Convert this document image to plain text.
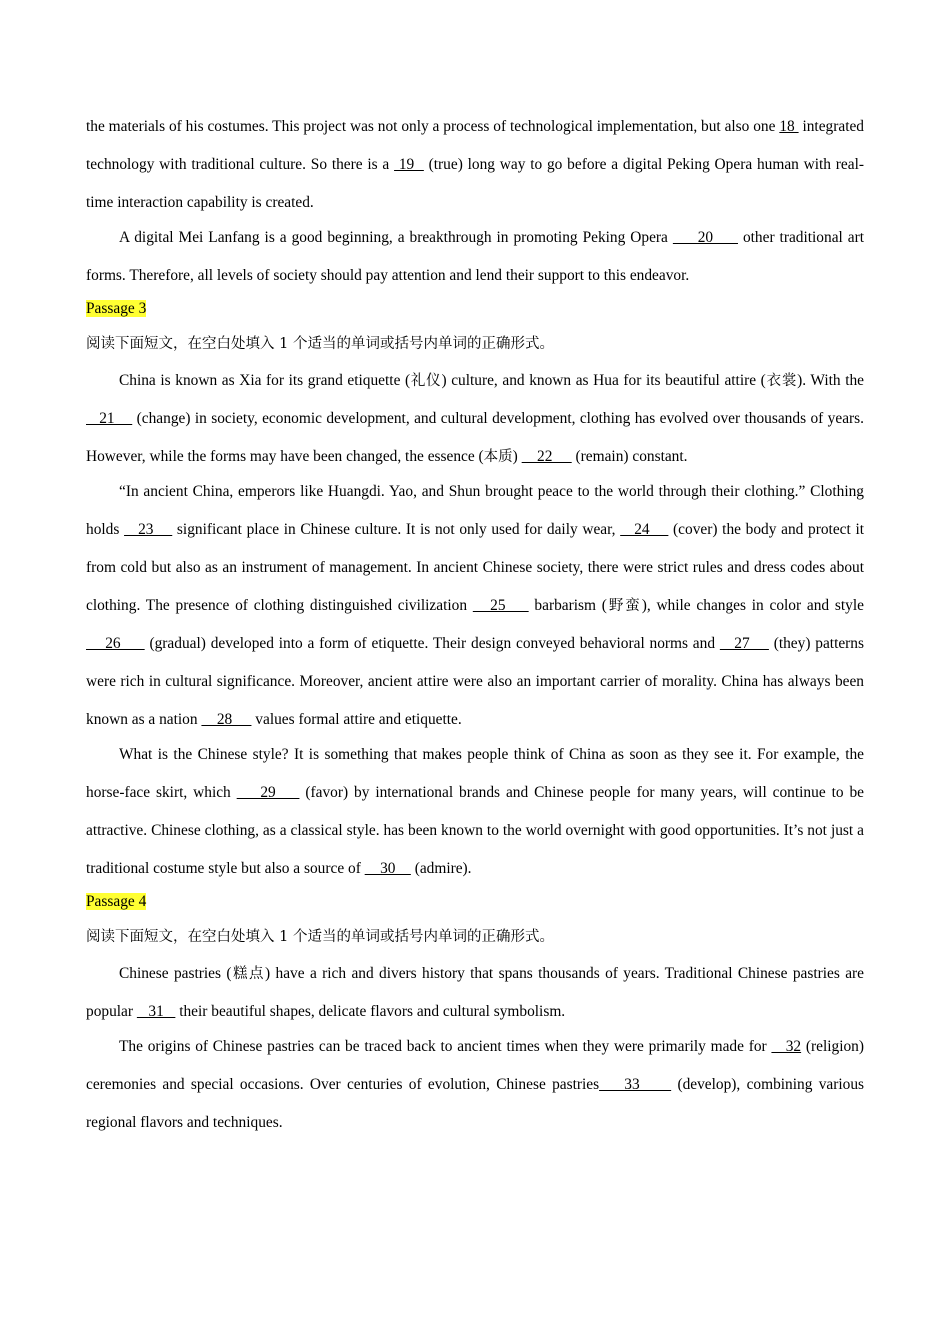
the materials of his costumes. This project was not only a process of technological implementation, but also one 18  integrated technology with traditional culture. So there is a  19   (true) long way to go before a digital Peking Opera human with real-time interaction capability is created.

A digital Mei Lanfang is a good beginning, a breakthrough in promoting Peking Opera      20      other traditional art forms. Therefore, all levels of society should pay attention and lend their support to this endeavor.

Passage 3

阅读下面短文，在空白处填入 1 个适当的单词或括号内单词的正确形式。

China is known as Xia for its grand etiquette (礼仪) culture, and known as Hua for its beautiful attire (衣裳). With the    21     (change) in society, economic development, and cultural development, clothing has evolved over thousands of years. However, while the forms may have been changed, the essence (本质)     22      (remain) constant.

“In ancient China, emperors like Huangdi. Yao, and Shun brought peace to the world through their clothing.” Clothing holds    23     significant place in Chinese culture. It is not only used for daily wear,    24     (cover) the body and protect it from cold but also as an instrument of management. In ancient Chinese society, there were strict rules and dress codes about clothing. The presence of clothing distinguished civilization    25     barbarism (野蛮), while changes in color and style     26      (gradual) developed into a form of etiquette. Their design conveyed behavioral norms and    27     (they) patterns were rich in cultural significance. Moreover, ancient attire were also an important carrier of morality. China has always been known as a nation     28      values formal attire and etiquette.

What is the Chinese style? It is something that makes people think of China as soon as they see it. For example, the horse-face skirt, which     29     (favor) by international brands and Chinese people for many years, will continue to be attractive. Chinese clothing, as a classical style. has been known to the world overnight with good opportunities. It’s not just a traditional costume style but also a source of     30     (admire).

Passage 4

阅读下面短文，在空白处填入 1 个适当的单词或括号内单词的正确形式。

Chinese pastries (糕点) have a rich and divers history that spans thousands of years. Traditional Chinese pastries are popular    31    their beautiful shapes, delicate flavors and cultural symbolism.

The origins of Chinese pastries can be traced back to ancient times when they were primarily made for    32 (religion) ceremonies and special occasions. Over centuries of evolution, Chinese pastries    33      (develop), combining various regional flavors and techniques.
